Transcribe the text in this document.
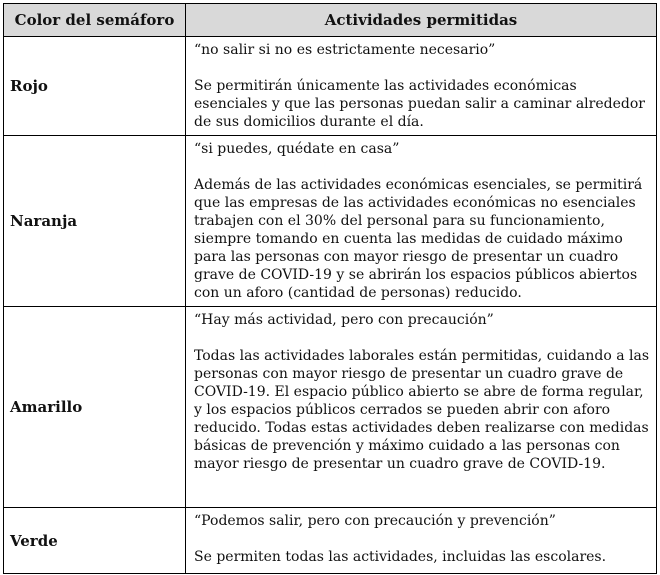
Color del semáforo	Actividades permitidas
Rojo	“no salir si no es estrictamente necesario”
Se permitirán únicamente las actividades económicas esenciales y que las personas puedan salir a caminar alrededor de sus domicilios durante el día.

Naranja	“si puedes, quédate en casa”
Además de las actividades económicas esenciales, se permitirá que las empresas de las actividades económicas no esenciales trabajen con el 30% del personal para su funcionamiento, siempre tomando en cuenta las medidas de cuidado máximo para las personas con mayor riesgo de presentar un cuadro grave de COVID-19 y se abrirán los espacios públicos abiertos con un aforo (cantidad de personas) reducido.

Amarillo	“Hay más actividad, pero con precaución”
Todas las actividades laborales están permitidas, cuidando a las personas con mayor riesgo de presentar un cuadro grave de COVID-19. El espacio público abierto se abre de forma regular, y los espacios públicos cerrados se pueden abrir con aforo reducido. Todas estas actividades deben realizarse con medidas básicas de prevención y máximo cuidado a las personas con mayor riesgo de presentar un cuadro grave de COVID-19.

Verde	“Podemos salir, pero con precaución y prevención”
Se permiten todas las actividades, incluidas las escolares.
